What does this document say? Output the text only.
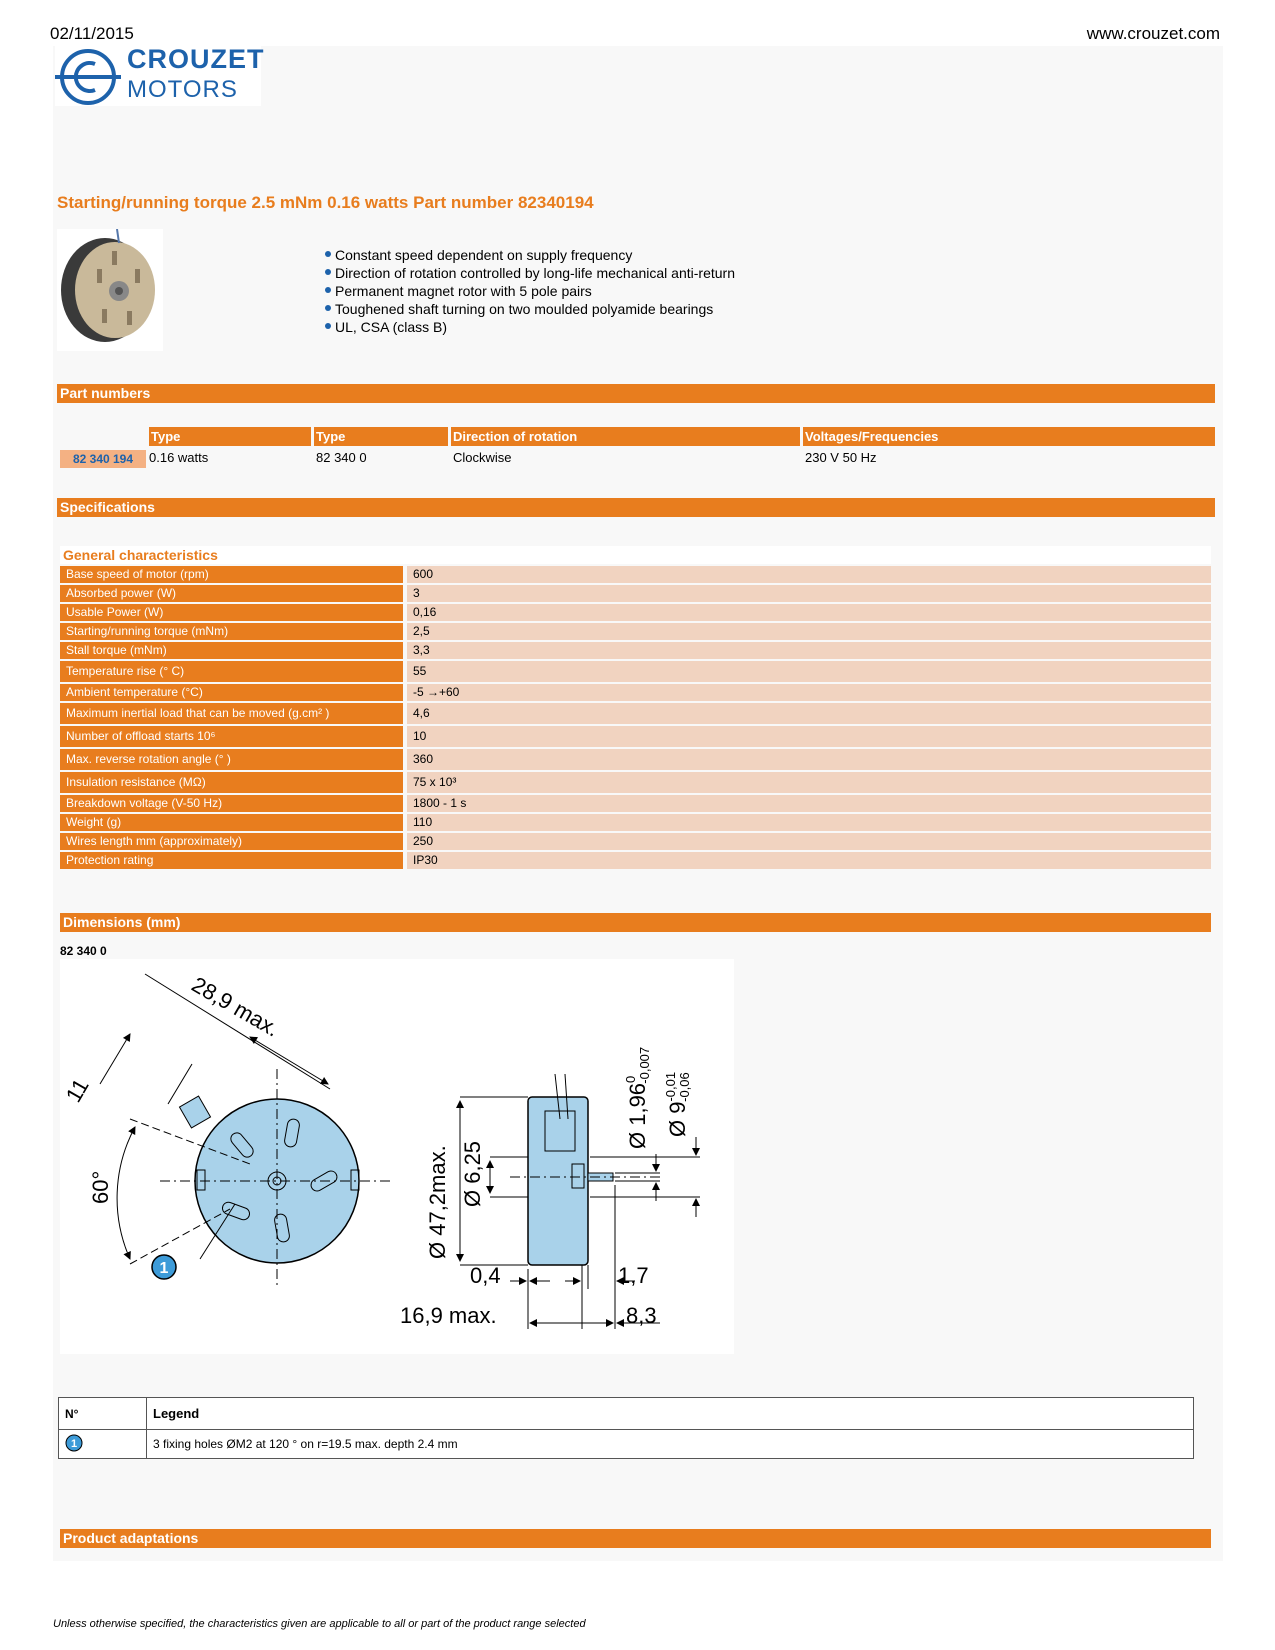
02/11/2015	www.crouzet.com
CROUZET
MOTORS
Starting/running torque 2.5 mNm 0.16 watts Part number 82340194
Constant speed dependent on supply frequency
Direction of rotation controlled by long-life mechanical anti-return
Permanent magnet rotor with 5 pole pairs
Toughened shaft turning on two moulded polyamide bearings
UL, CSA (class B)
Part numbers
Type	Type	Direction of rotation	Voltages/Frequencies
82 340 194	0.16 watts	82 340 0	Clockwise	230 V 50 Hz
Specifications
General characteristics
Base speed of motor (rpm)	600
Absorbed power (W)	3
Usable Power (W)	0,16
Starting/running torque (mNm)	2,5
Stall torque (mNm)	3,3
Temperature rise (° C)	55
Ambient temperature (°C)	-5 →+60
Maximum inertial load that can be moved (g.cm² )	4,6
Number of offload starts 10⁶	10
Max. reverse rotation angle (° )	360
Insulation resistance (MΩ)	75 x 10³
Breakdown voltage (V-50 Hz)	1800 - 1 s
Weight (g)	110
Wires length mm (approximately)	250
Protection rating	IP30
Dimensions (mm)
82 340 0
1
28,9 max.
11
60°	Ø 47,2max. Ø 6,25
Ø 1,96$^0$-0,007
Ø $9^{-0,01}-0,06$
0,4	1,7
16,9 max.	8,3
N°	Legend

1	3 fixing holes ØM2 at 120 ° on r=19.5 max. depth 2.4 mm
Product adaptations
Unless otherwise specified, the characteristics given are applicable to all or part of the product range selected
